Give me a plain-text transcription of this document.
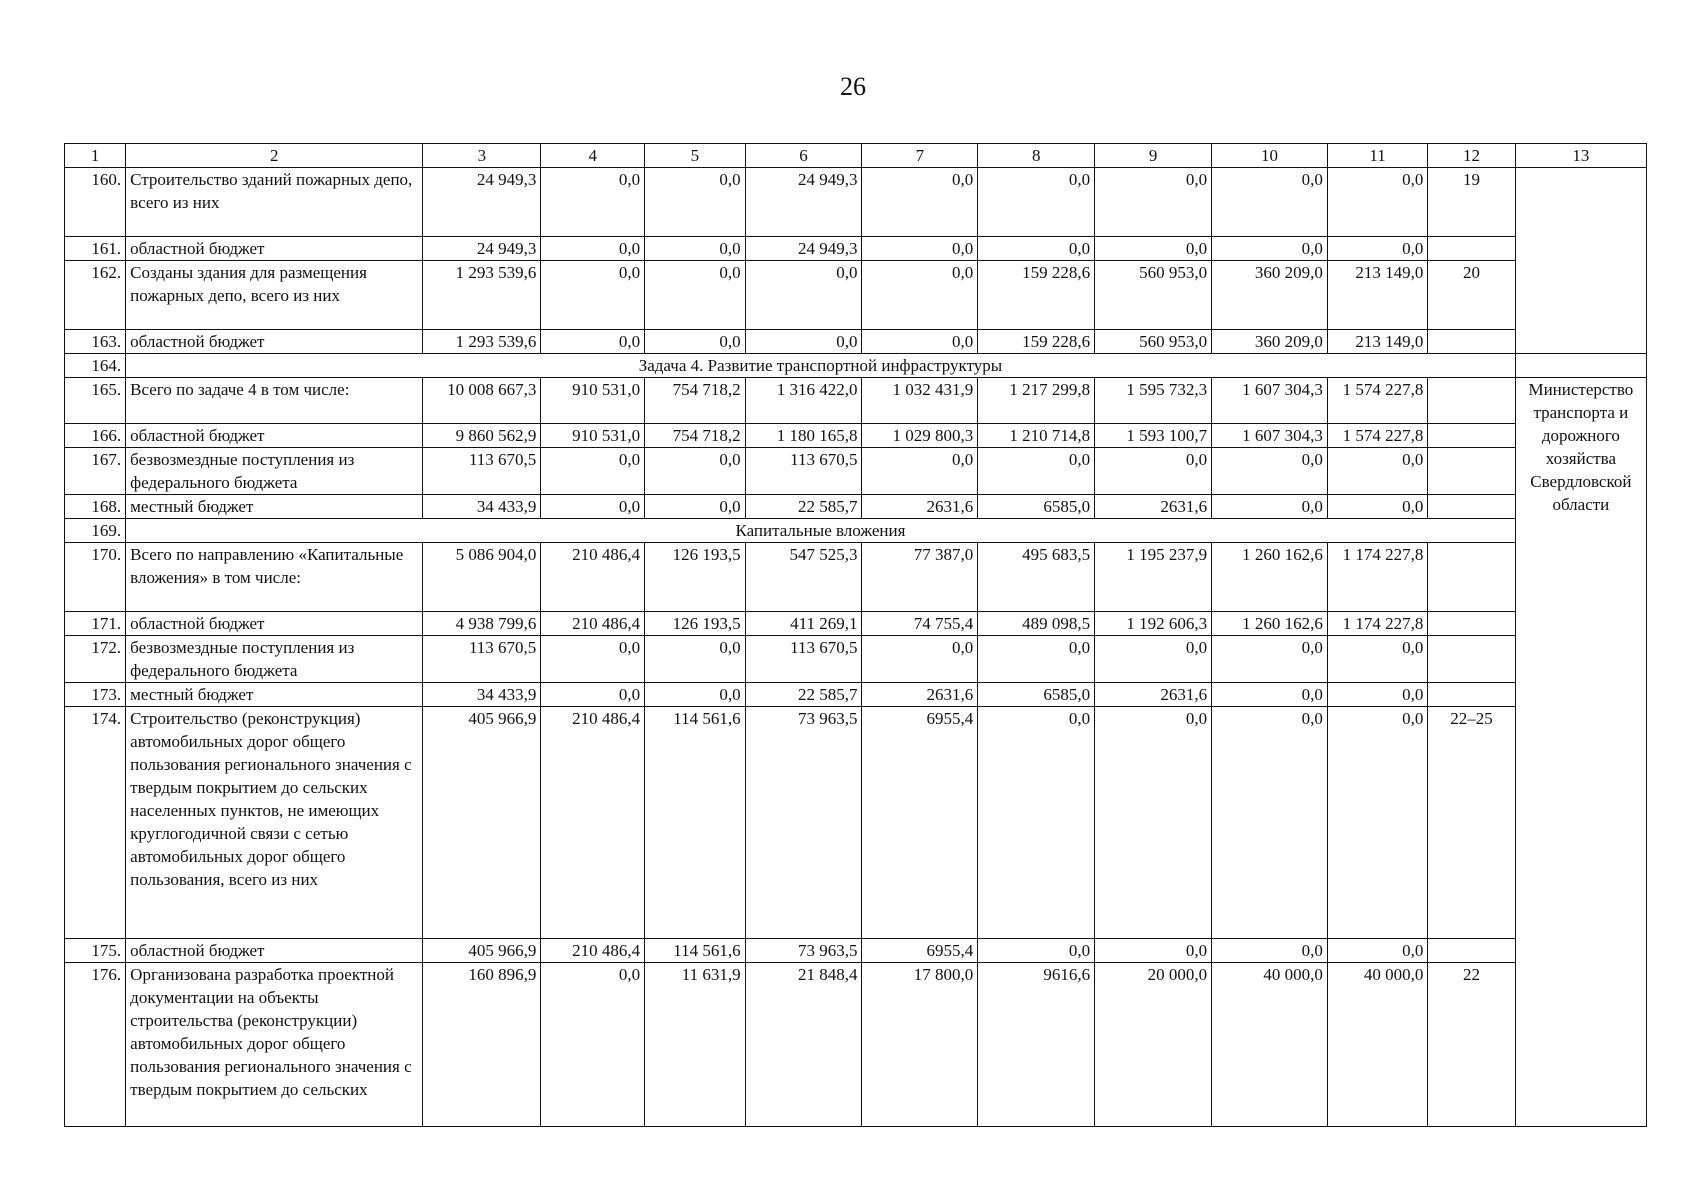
26
1	2	3	4	5	6	7	8	9	10	11	12	13
160.	Строительство зданий пожарных депо, всего из них	24 949,3	0,0	0,0	24 949,3	0,0	0,0	0,0	0,0	0,0	19	
161.	областной бюджет	24 949,3	0,0	0,0	24 949,3	0,0	0,0	0,0	0,0	0,0		
162.	Созданы здания для размещения пожарных депо, всего из них	1 293 539,6	0,0	0,0	0,0	0,0	159 228,6	560 953,0	360 209,0	213 149,0	20	
163.	областной бюджет	1 293 539,6	0,0	0,0	0,0	0,0	159 228,6	560 953,0	360 209,0	213 149,0		
164.	Задача 4. Развитие транспортной инфраструктуры											
165.	Всего по задаче 4 в том числе:	10 008 667,3	910 531,0	754 718,2	1 316 422,0	1 032 431,9	1 217 299,8	1 595 732,3	1 607 304,3	1 574 227,8		Министерство транспорта и дорожного хозяйства Свердловской области
166.	областной бюджет	9 860 562,9	910 531,0	754 718,2	1 180 165,8	1 029 800,3	1 210 714,8	1 593 100,7	1 607 304,3	1 574 227,8		
167.	безвозмездные поступления из федерального бюджета	113 670,5	0,0	0,0	113 670,5	0,0	0,0	0,0	0,0	0,0		
168.	местный бюджет	34 433,9	0,0	0,0	22 585,7	2631,6	6585,0	2631,6	0,0	0,0		
169.	Капитальные вложения											
170.	Всего по направлению «Капитальные вложения» в том числе:	5 086 904,0	210 486,4	126 193,5	547 525,3	77 387,0	495 683,5	1 195 237,9	1 260 162,6	1 174 227,8		
171.	областной бюджет	4 938 799,6	210 486,4	126 193,5	411 269,1	74 755,4	489 098,5	1 192 606,3	1 260 162,6	1 174 227,8		
172.	безвозмездные поступления из федерального бюджета	113 670,5	0,0	0,0	113 670,5	0,0	0,0	0,0	0,0	0,0		
173.	местный бюджет	34 433,9	0,0	0,0	22 585,7	2631,6	6585,0	2631,6	0,0	0,0		
174.	Строительство (реконструкция) автомобильных дорог общего пользования регионального значения с твердым покрытием до сельских населенных пунктов, не имеющих круглогодичной связи с сетью автомобильных дорог общего пользования, всего из них	405 966,9	210 486,4	114 561,6	73 963,5	6955,4	0,0	0,0	0,0	0,0	22–25	
175.	областной бюджет	405 966,9	210 486,4	114 561,6	73 963,5	6955,4	0,0	0,0	0,0	0,0		
176.	Организована разработка проектной документации на объекты строительства (реконструкции) автомобильных дорог общего пользования регионального значения с твердым покрытием до сельских	160 896,9	0,0	11 631,9	21 848,4	17 800,0	9616,6	20 000,0	40 000,0	40 000,0	22	
